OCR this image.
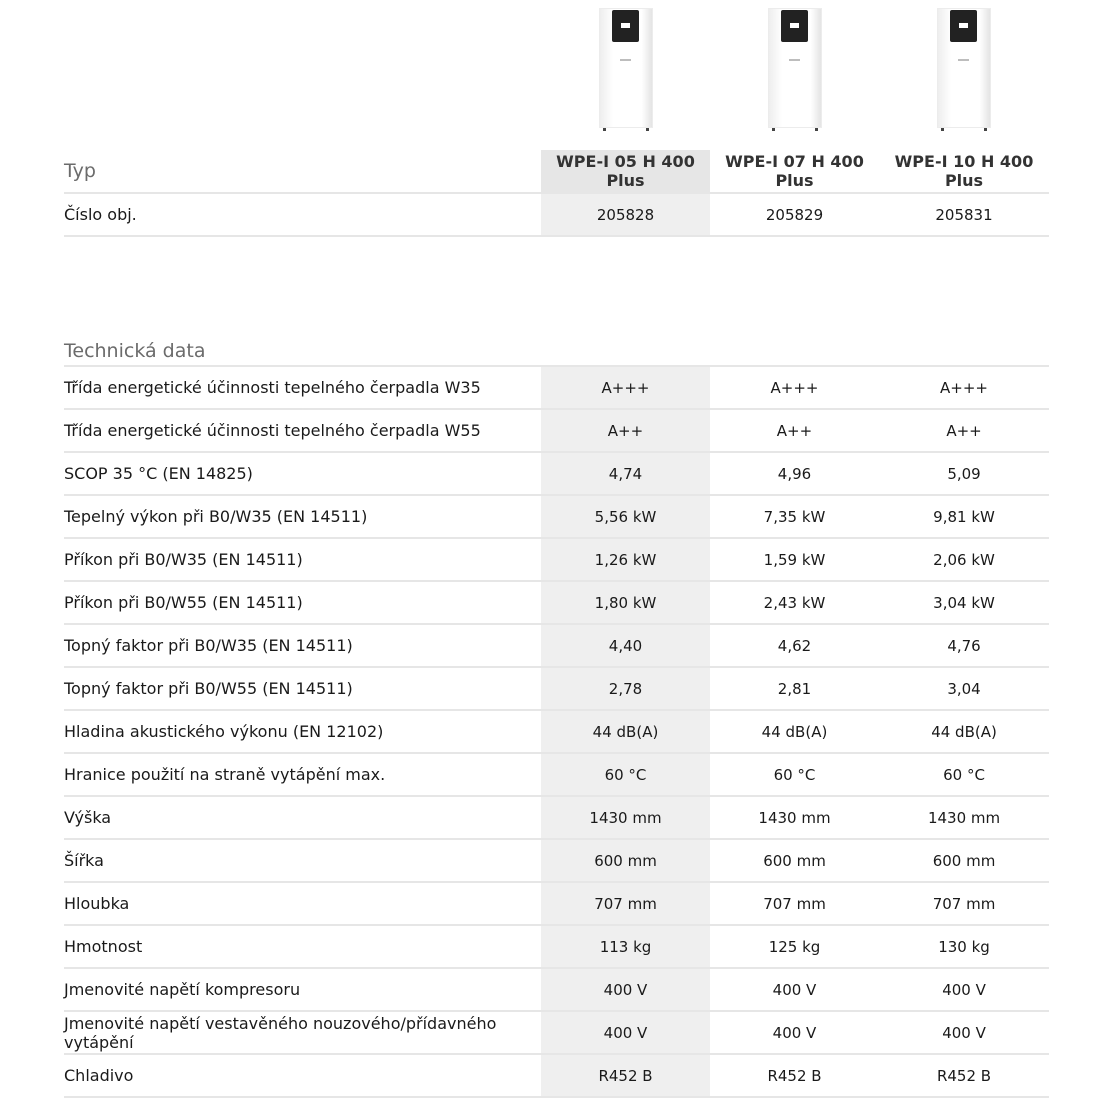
Typ	WPE-I 05 H 400 Plus	WPE-I 07 H 400 Plus	WPE-I 10 H 400 Plus
Číslo obj.	205828	205829	205831
Technická data			
Třída energetické účinnosti tepelného čerpadla W35	A+++	A+++	A+++
Třída energetické účinnosti tepelného čerpadla W55	A++	A++	A++
SCOP 35 °C (EN 14825)	4,74	4,96	5,09
Tepelný výkon při B0/W35 (EN 14511)	5,56 kW	7,35 kW	9,81 kW
Příkon při B0/W35 (EN 14511)	1,26 kW	1,59 kW	2,06 kW
Příkon při B0/W55 (EN 14511)	1,80 kW	2,43 kW	3,04 kW
Topný faktor při B0/W35 (EN 14511)	4,40	4,62	4,76
Topný faktor při B0/W55 (EN 14511)	2,78	2,81	3,04
Hladina akustického výkonu (EN 12102)	44 dB(A)	44 dB(A)	44 dB(A)
Hranice použití na straně vytápění max.	60 °C	60 °C	60 °C
Výška	1430 mm	1430 mm	1430 mm
Šířka	600 mm	600 mm	600 mm
Hloubka	707 mm	707 mm	707 mm
Hmotnost	113 kg	125 kg	130 kg
Jmenovité napětí kompresoru	400 V	400 V	400 V
Jmenovité napětí vestavěného nouzového/přídavného vytápění	400 V	400 V	400 V
Chladivo	R452 B	R452 B	R452 B
